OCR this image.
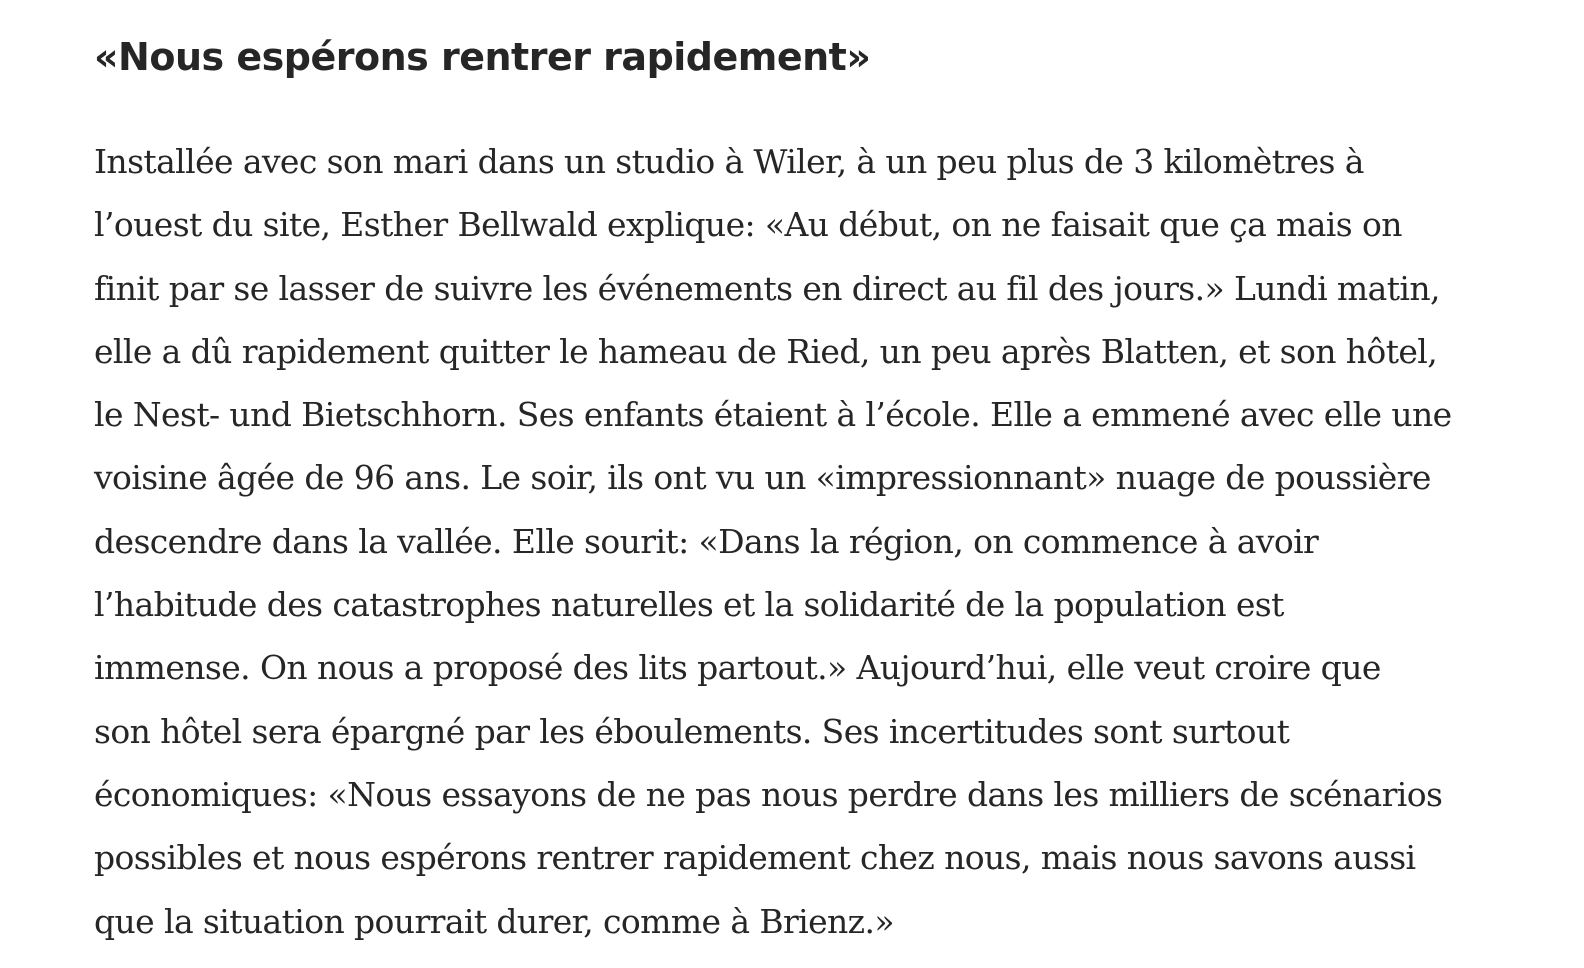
«Nous espérons rentrer rapidement»

Installée avec son mari dans un studio à Wiler, à un peu plus de 3 kilomètres à
l’ouest du site, Esther Bellwald explique: «Au début, on ne faisait que ça mais on
finit par se lasser de suivre les événements en direct au fil des jours.» Lundi matin,
elle a dû rapidement quitter le hameau de Ried, un peu après Blatten, et son hôtel,
le Nest- und Bietschhorn. Ses enfants étaient à l’école. Elle a emmené avec elle une
voisine âgée de 96 ans. Le soir, ils ont vu un «impressionnant» nuage de poussière
descendre dans la vallée. Elle sourit: «Dans la région, on commence à avoir
l’habitude des catastrophes naturelles et la solidarité de la population est
immense. On nous a proposé des lits partout.» Aujourd’hui, elle veut croire que
son hôtel sera épargné par les éboulements. Ses incertitudes sont surtout
économiques: «Nous essayons de ne pas nous perdre dans les milliers de scénarios
possibles et nous espérons rentrer rapidement chez nous, mais nous savons aussi
que la situation pourrait durer, comme à Brienz.»
